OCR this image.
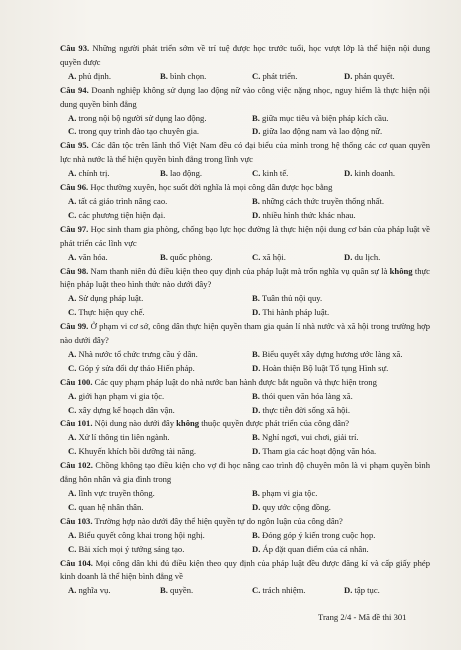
Câu 93. Những người phát triển sớm về trí tuệ được học trước tuổi, học vượt lớp là thể hiện nội dung quyền được
A. phủ định.	B. bình chọn.	C. phát triển.	D. phản quyết.
Câu 94. Doanh nghiệp không sử dụng lao động nữ vào công việc nặng nhọc, nguy hiểm là thực hiện nội dung quyền bình đẳng
A. trong nội bộ người sử dụng lao động.	B. giữa mục tiêu và biện pháp kích cầu.
C. trong quy trình đào tạo chuyên gia.	D. giữa lao động nam và lao động nữ.
Câu 95. Các dân tộc trên lãnh thổ Việt Nam đều có đại biểu của mình trong hệ thống các cơ quan quyền lực nhà nước là thể hiện quyền bình đẳng trong lĩnh vực
A. chính trị.	B. lao động.	C. kinh tế.	D. kinh doanh.
Câu 96. Học thường xuyên, học suốt đời nghĩa là mọi công dân được học bằng
A. tất cả giáo trình nâng cao.	B. những cách thức truyền thống nhất.
C. các phương tiện hiện đại.	D. nhiều hình thức khác nhau.
Câu 97. Học sinh tham gia phòng, chống bạo lực học đường là thực hiện nội dung cơ bản của pháp luật về phát triển các lĩnh vực
A. văn hóa.	B. quốc phòng.	C. xã hội.	D. du lịch.
Câu 98. Nam thanh niên đủ điều kiện theo quy định của pháp luật mà trốn nghĩa vụ quân sự là không thực hiện pháp luật theo hình thức nào dưới đây?
A. Sử dụng pháp luật.	B. Tuân thủ nội quy.
C. Thực hiện quy chế.	D. Thi hành pháp luật.
Câu 99. Ở phạm vi cơ sở, công dân thực hiện quyền tham gia quản lí nhà nước và xã hội trong trường hợp nào dưới đây?
A. Nhà nước tổ chức trưng cầu ý dân.	B. Biểu quyết xây dựng hương ước làng xã.
C. Góp ý sửa đổi dự thảo Hiến pháp.	D. Hoàn thiện Bộ luật Tố tụng Hình sự.
Câu 100. Các quy phạm pháp luật do nhà nước ban hành được bắt nguồn và thực hiện trong
A. giới hạn phạm vi gia tộc.	B. thói quen văn hóa làng xã.
C. xây dựng kế hoạch dân vận.	D. thực tiễn đời sống xã hội.
Câu 101. Nội dung nào dưới đây không thuộc quyền được phát triển của công dân?
A. Xử lí thông tin liên ngành.	B. Nghỉ ngơi, vui chơi, giải trí.
C. Khuyến khích bồi dưỡng tài năng.	D. Tham gia các hoạt động văn hóa.
Câu 102. Chồng không tạo điều kiện cho vợ đi học nâng cao trình độ chuyên môn là vi phạm quyền bình đẳng hôn nhân và gia đình trong
A. lĩnh vực truyền thông.	B. phạm vi gia tộc.
C. quan hệ nhân thân.	D. quy ước cộng đồng.
Câu 103. Trường hợp nào dưới đây thể hiện quyền tự do ngôn luận của công dân?
A. Biểu quyết công khai trong hội nghị.	B. Đóng góp ý kiến trong cuộc họp.
C. Bài xích mọi ý tưởng sáng tạo.	D. Áp đặt quan điểm của cá nhân.
Câu 104. Mọi công dân khi đủ điều kiện theo quy định của pháp luật đều được đăng kí và cấp giấy phép kinh doanh là thể hiện bình đẳng về
A. nghĩa vụ.	B. quyền.	C. trách nhiệm.	D. tập tục.
Trang 2/4 - Mã đề thi 301
